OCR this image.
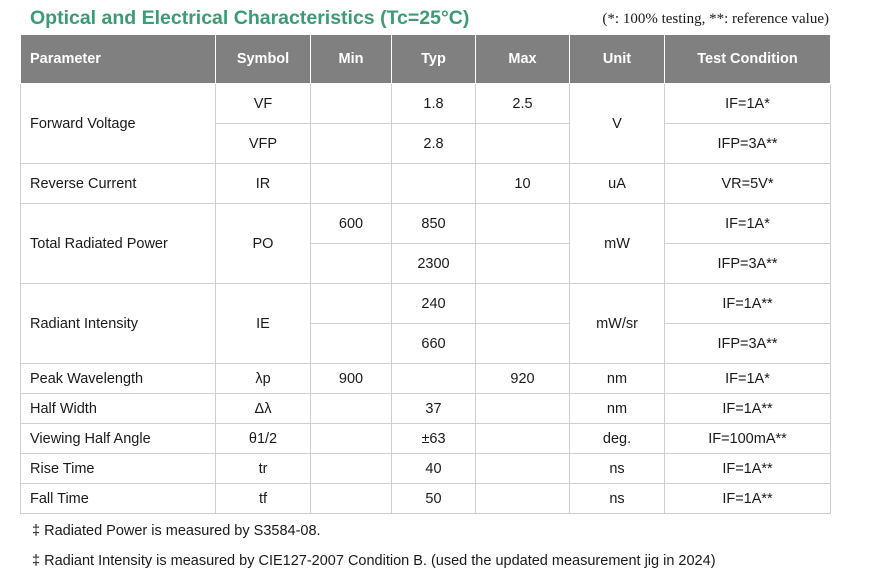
Optical and Electrical Characteristics (Tc=25°C)	(*: 100% testing, **: reference value)
Parameter	Symbol	Min	Typ	Max	Unit	Test Condition
Forward Voltage	VF		1.8	2.5	V	IF=1A*
	VFP		2.8			IFP=3A**
Reverse Current	IR			10	uA	VR=5V*
Total Radiated Power	PO	600	850		mW	IF=1A*
			2300			IFP=3A**
Radiant Intensity	IE		240		mW/sr	IF=1A**
			660			IFP=3A**
Peak Wavelength	λp	900		920	nm	IF=1A*
Half Width	Δλ		37		nm	IF=1A**
Viewing Half Angle	θ1/2		±63		deg.	IF=100mA**
Rise Time	tr		40		ns	IF=1A**
Fall Time	tf		50		ns	IF=1A**
‡ Radiated Power is measured by S3584-08.
‡ Radiant Intensity is measured by CIE127-2007 Condition B. (used the updated measurement jig in 2024)
